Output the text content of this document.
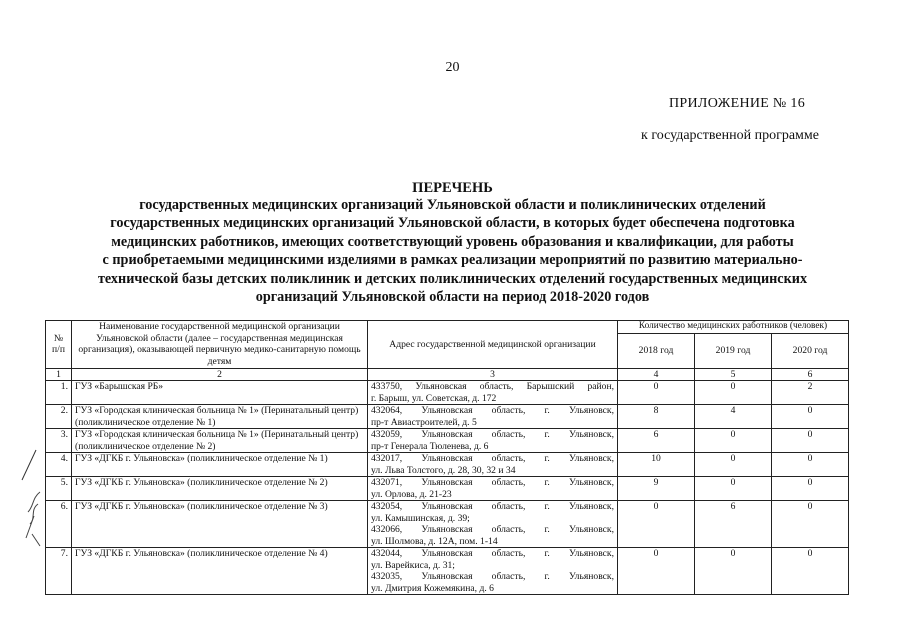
20
ПРИЛОЖЕНИЕ № 16
к государственной программе
ПЕРЕЧЕНЬ
государственных медицинских организаций Ульяновской области и поликлинических отделений
государственных медицинских организаций Ульяновской области, в которых будет обеспечена подготовка
медицинских работников, имеющих соответствующий уровень образования и квалификации, для работы
с приобретаемыми медицинскими изделиями в рамках реализации мероприятий по развитию материально-
технической базы детских поликлиник и детских поликлинических отделений государственных медицинских
организаций Ульяновской области на период 2018-2020 годов
№ п/п	Наименование государственной медицинской организации Ульяновской области (далее – государственная медицинская организация), оказывающей первичную медико-санитарную помощь детям	Адрес государственной медицинской организации	Количество медицинских работников (человек)		
			2018 год	2019 год	2020 год
1	2	3	4	5	6
1.	ГУЗ «Барышская РБ»	433750, Ульяновская область, Барышский район,
г. Барыш, ул. Советская, д. 172	0	0	2
2.	ГУЗ «Городская клиническая больница № 1» (Перинатальный центр) (поликлиническое отделение № 1)	432064, Ульяновская область, г. Ульяновск,
пр-т Авиастроителей, д. 5	8	4	0
3.	ГУЗ «Городская клиническая больница № 1» (Перинатальный центр) (поликлиническое отделение № 2)	432059, Ульяновская область, г. Ульяновск,
пр-т Генерала Тюленева, д. 6	6	0	0
4.	ГУЗ «ДГКБ г. Ульяновска» (поликлиническое отделение № 1)	432017, Ульяновская область, г. Ульяновск,
ул. Льва Толстого, д. 28, 30, 32 и 34	10	0	0
5.	ГУЗ «ДГКБ г. Ульяновска» (поликлиническое отделение № 2)	432071, Ульяновская область, г. Ульяновск,
ул. Орлова, д. 21-23	9	0	0
6.	ГУЗ «ДГКБ г. Ульяновска» (поликлиническое отделение № 3)	432054, Ульяновская область, г. Ульяновск,
ул. Камышинская, д. 39;
432066, Ульяновская область, г. Ульяновск,
ул. Шолмова, д. 12А, пом. 1-14	0	6	0
7.	ГУЗ «ДГКБ г. Ульяновска» (поликлиническое отделение № 4)	432044, Ульяновская область, г. Ульяновск,
ул. Варейкиса, д. 31;
432035, Ульяновская область, г. Ульяновск,
ул. Дмитрия Кожемякина, д. 6	0	0	0
